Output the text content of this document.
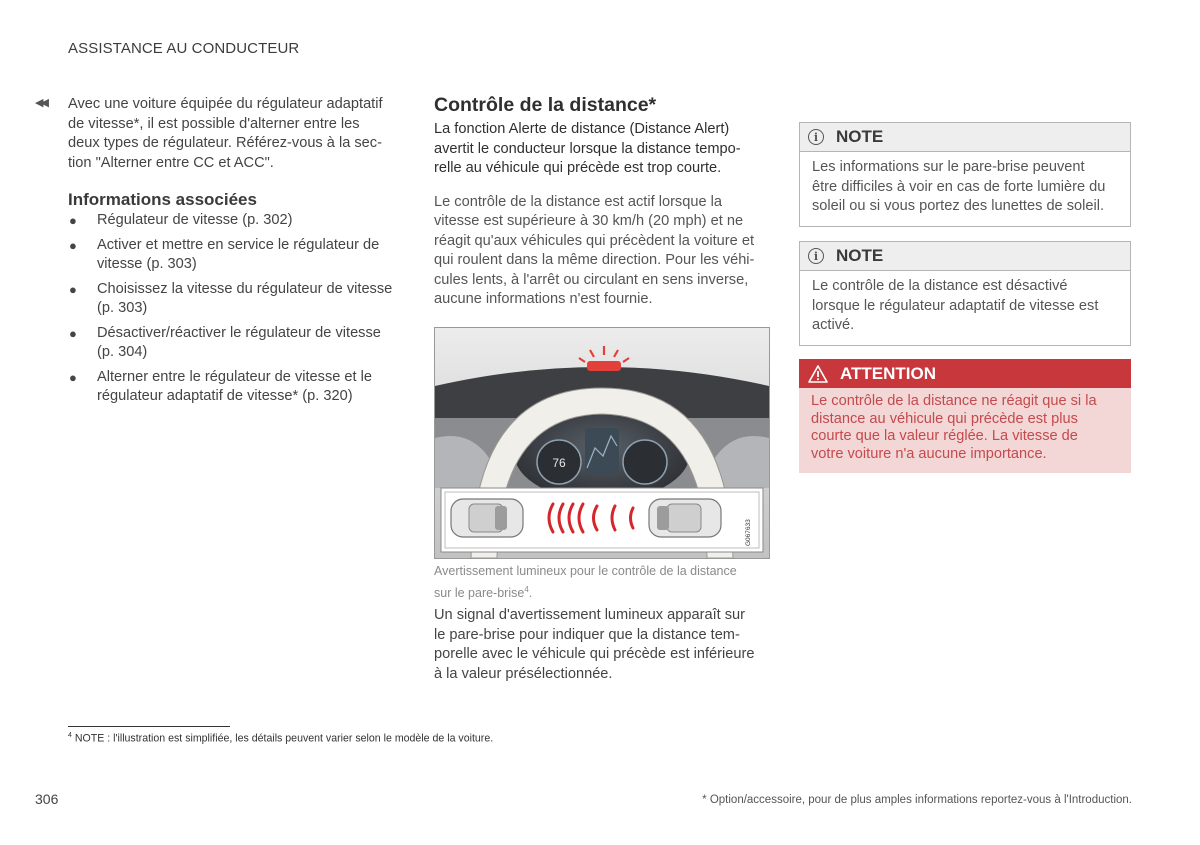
ASSISTANCE AU CONDUCTEUR
◀◀ Avec une voiture équipée du régulateur adaptatif
de vitesse*, il est possible d'alterner entre les
deux types de régulateur. Référez-vous à la sec-
tion "Alterner entre CC et ACC".

Informations associées
● Régulateur de vitesse (p. 302)
● Activer et mettre en service le régulateur de
vitesse (p. 303)
● Choisissez la vitesse du régulateur de vitesse
(p. 303)
● Désactiver/réactiver le régulateur de vitesse
(p. 304)
● Alterner entre le régulateur de vitesse et le
régulateur adaptatif de vitesse* (p. 320)
Contrôle de la distance*

La fonction Alerte de distance (Distance Alert)
avertit le conducteur lorsque la distance tempo-
relle au véhicule qui précède est trop courte.

Le contrôle de la distance est actif lorsque la
vitesse est supérieure à 30 km/h (20 mph) et ne
réagit qu'aux véhicules qui précèdent la voiture et
qui roulent dans la même direction. Pour les véhi-
cules lents, à l'arrêt ou circulant en sens inverse,
aucune informations n'est fournie.

76
G067633
Avertissement lumineux pour le contrôle de la distance
sur le pare-brise$^4$.
Un signal d'avertissement lumineux apparaît sur
le pare-brise pour indiquer que la distance tem-
porelle avec le véhicule qui précède est inférieure
à la valeur présélectionnée.
i	NOTE
Les informations sur le pare-brise peuvent
être difficiles à voir en cas de forte lumière du
soleil ou si vous portez des lunettes de soleil.
i	NOTE
Le contrôle de la distance est désactivé
lorsque le régulateur adaptatif de vitesse est
activé.
ATTENTION
Le contrôle de la distance ne réagit que si la
distance au véhicule qui précède est plus
courte que la valeur réglée. La vitesse de
votre voiture n'a aucune importance.
$^4$ NOTE : l'illustration est simplifiée, les détails peuvent varier selon le modèle de la voiture.
306	* Option/accessoire, pour de plus amples informations reportez-vous à l'Introduction.
